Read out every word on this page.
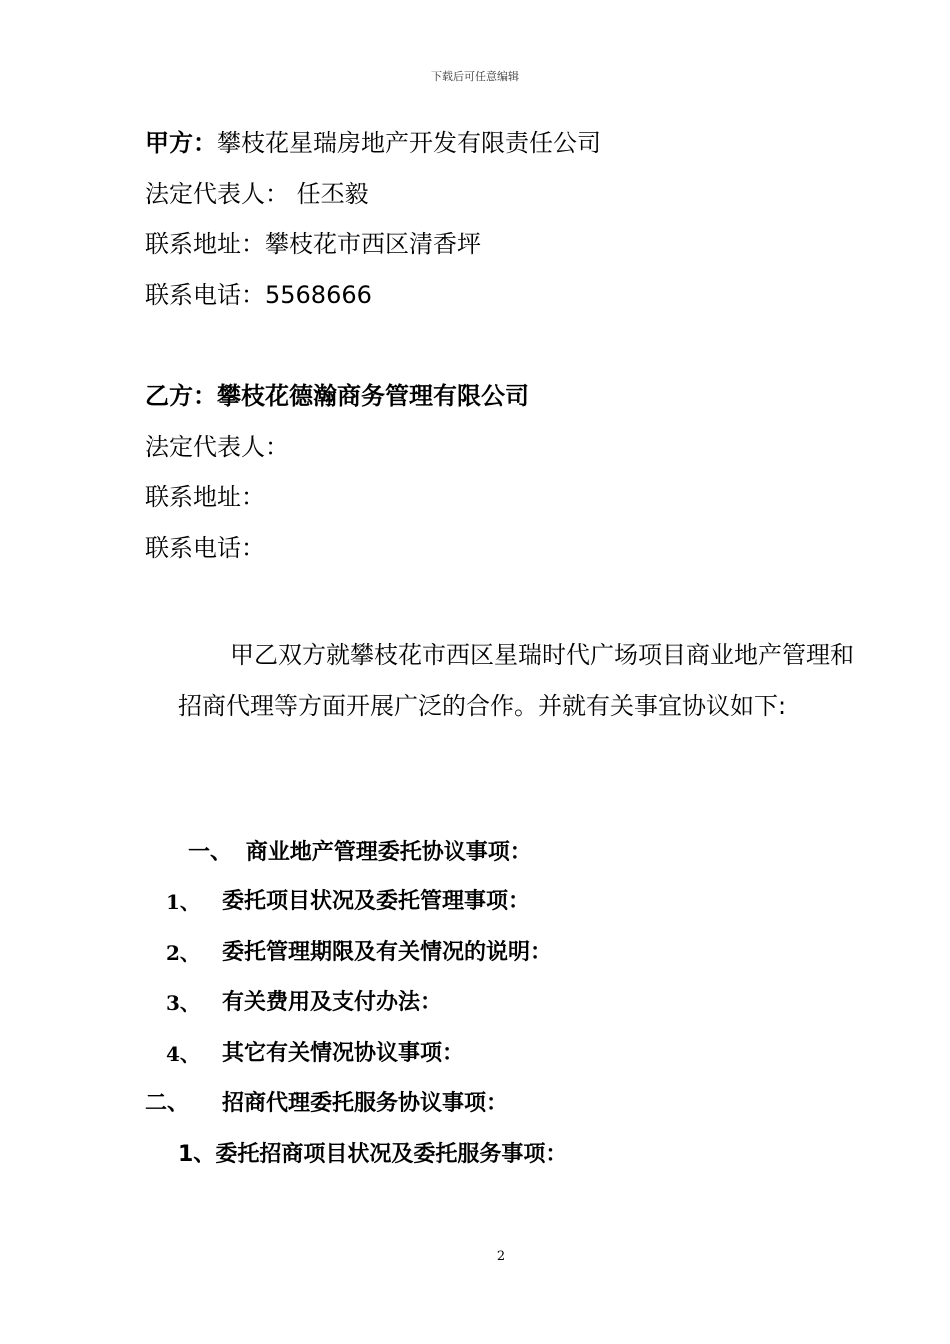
下载后可任意编辑
甲方：攀枝花星瑞房地产开发有限责任公司
法定代表人： 任丕毅
联系地址：攀枝花市西区清香坪
联系电话：5568666
乙方：攀枝花德瀚商务管理有限公司
法定代表人：
联系地址：
联系电话：
甲乙双方就攀枝花市西区星瑞时代广场项目商业地产管理和招商代理等方面开展广泛的合作。并就有关事宜协议如下:
一、 商业地产管理委托协议事项：
1、 委托项目状况及委托管理事项：
2、 委托管理期限及有关情况的说明：
3、 有关费用及支付办法：
4、 其它有关情况协议事项：
二、 招商代理委托服务协议事项：
1、委托招商项目状况及委托服务事项：
2
